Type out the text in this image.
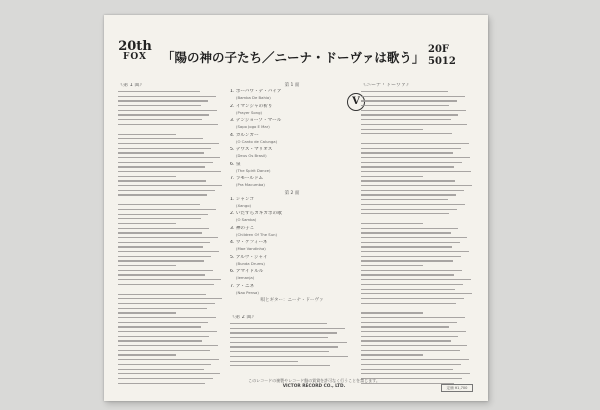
20th
FOX	「陽の神の子たち／ニーナ・ドーヴァは歌う」
20F
5012
《第 1 面》	第 1 面
1. ボーバウ・デ・バイア
(Bamba De Bahia)
2. イマンジャの祈り
(Prayer Song)
3. デンジョーゾ・マール
(Sapo Jogo E Mar)
4. カルンガー
(O Canto de Calunga)
5. デウス・マリオス
(Deus Os Brasil)
6. 泉
(The Spirit Dance)
7. ラモールドム
(Pra Macumba)
第 2 面
1. シャンゴ
(Xango)
2. いたずらカキカボの歌
(O Samba)
3. 神の子こ
(Children Of The Sun)
4. ウ・ケフィーネ
(Mae Vandinha)
5. アルヴ・ジャイ
(Bunda Drums)
6. アマイドルル
(Iemanja)
7. ア・ニネ
(Nao Pensa)
唄とギター：ニーナ・ドーヴァ
V
《第 2 面》
《ニーナ・ドーヴァ》
このレコードの複製やレコード盤の賃貸を許可なく行うことを禁じます。
VICTOR RECORD CO., LTD.	定価 ¥1,700
